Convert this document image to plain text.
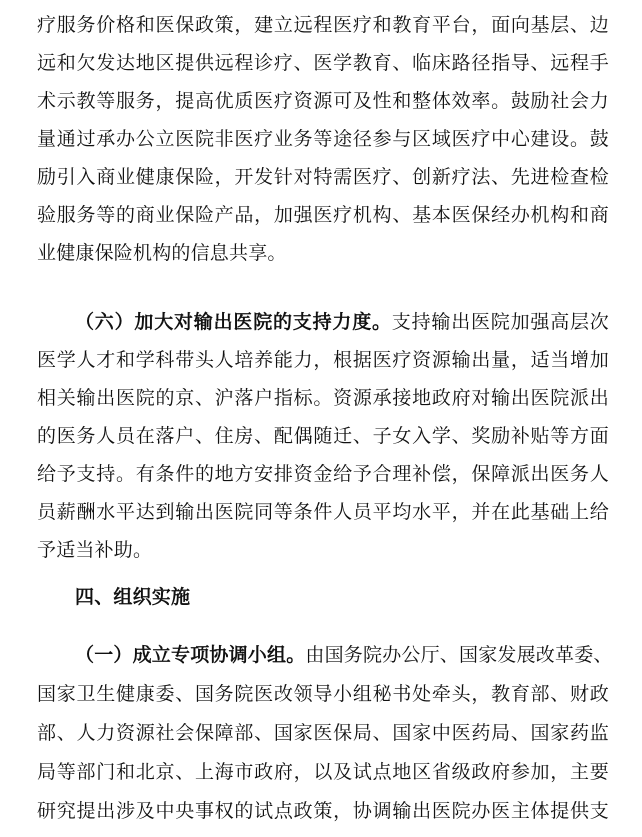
疗服务价格和医保政策，建立远程医疗和教育平台，面向基层、边
远和欠发达地区提供远程诊疗、医学教育、临床路径指导、远程手
术示教等服务，提高优质医疗资源可及性和整体效率。鼓励社会力
量通过承办公立医院非医疗业务等途径参与区域医疗中心建设。鼓
励引入商业健康保险，开发针对特需医疗、创新疗法、先进检查检
验服务等的商业保险产品，加强医疗机构、基本医保经办机构和商
业健康保险机构的信息共享。
（六）加大对输出医院的支持力度。支持输出医院加强高层次
医学人才和学科带头人培养能力，根据医疗资源输出量，适当增加
相关输出医院的京、沪落户指标。资源承接地政府对输出医院派出
的医务人员在落户、住房、配偶随迁、子女入学、奖励补贴等方面
给予支持。有条件的地方安排资金给予合理补偿，保障派出医务人
员薪酬水平达到输出医院同等条件人员平均水平，并在此基础上给
予适当补助。
四、组织实施
（一）成立专项协调小组。由国务院办公厅、国家发展改革委、
国家卫生健康委、国务院医改领导小组秘书处牵头，教育部、财政
部、人力资源社会保障部、国家医保局、国家中医药局、国家药监
局等部门和北京、上海市政府，以及试点地区省级政府参加，主要
研究提出涉及中央事权的试点政策，协调输出医院办医主体提供支
